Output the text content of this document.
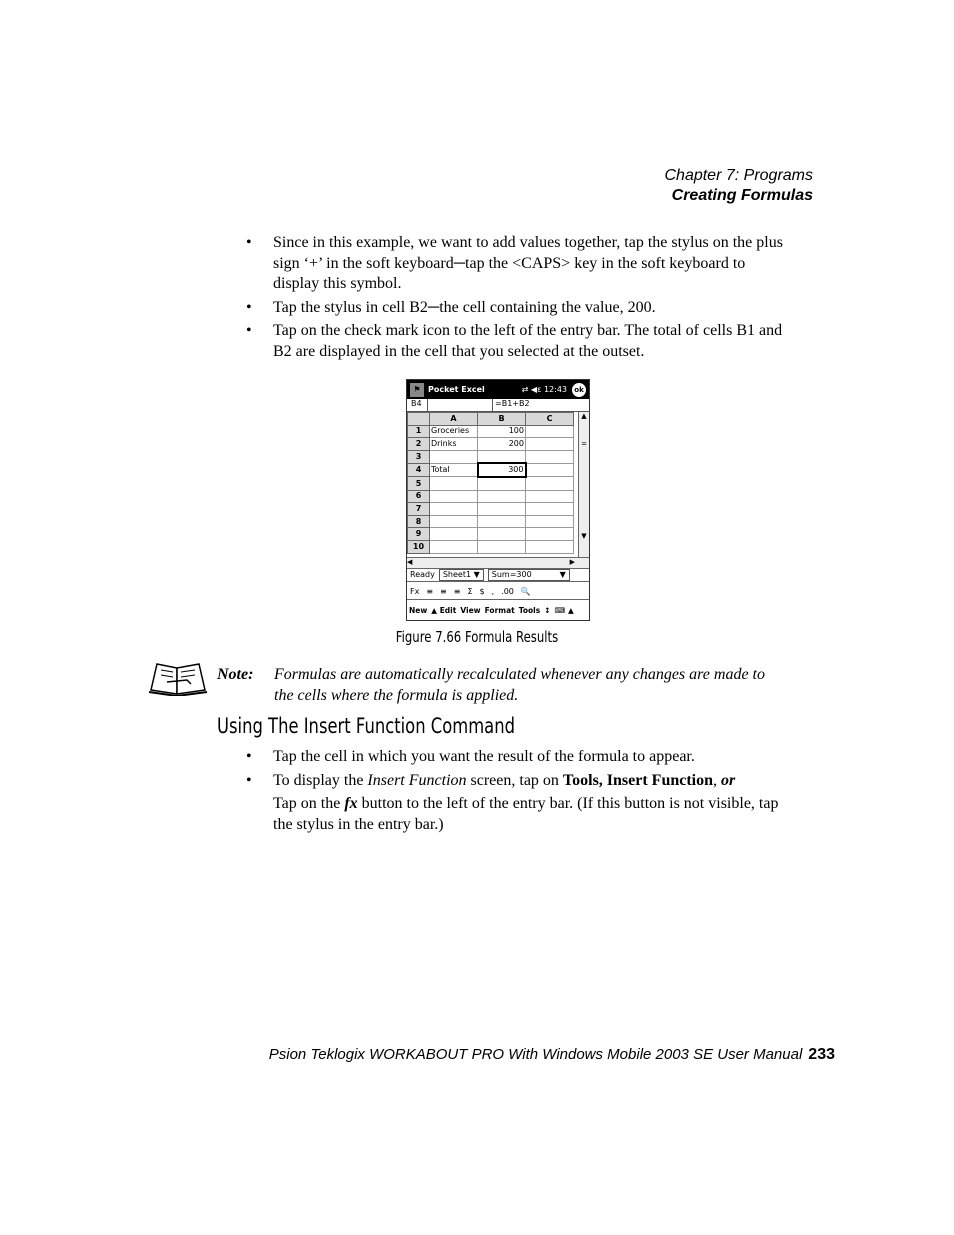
Chapter 7: Programs
Creating Formulas
• Since in this example, we want to add values together, tap the stylus on the plus sign ‘+’ in the soft keyboard─tap the <CAPS> key in the soft keyboard to display this symbol.
• Tap the stylus in cell B2─the cell containing the value, 200.
• Tap on the check mark icon to the left of the entry bar. The total of cells B1 and B2 are displayed in the cell that you selected at the outset.
⚑ Pocket Excel	⇄ ◀ε 12:43	ok
B4	=B1+B2
	A	B	C
1	Groceries	100	
2	Drinks	200	
3			
4	Total	300	
5			
6			
7			
8			
9			
10			
▲
=
▼
◀	▶
Ready	Sheet1 ▼	Sum=300	▼
Fx ≡ ≡ ≡ Σ $ , .00 🔍
New ▲ Edit View Format Tools ↕ ⌨ ▲
Figure 7.66 Formula Results
Note: Formulas are automatically recalculated whenever any changes are made to the cells where the formula is applied.
Using The Insert Function Command
• Tap the cell in which you want the result of the formula to appear.
• To display the Insert Function screen, tap on Tools, Insert Function, or
Tap on the fx button to the left of the entry bar. (If this button is not visible, tap the stylus in the entry bar.)
Psion Teklogix WORKABOUT PRO With Windows Mobile 2003 SE User Manual 233
